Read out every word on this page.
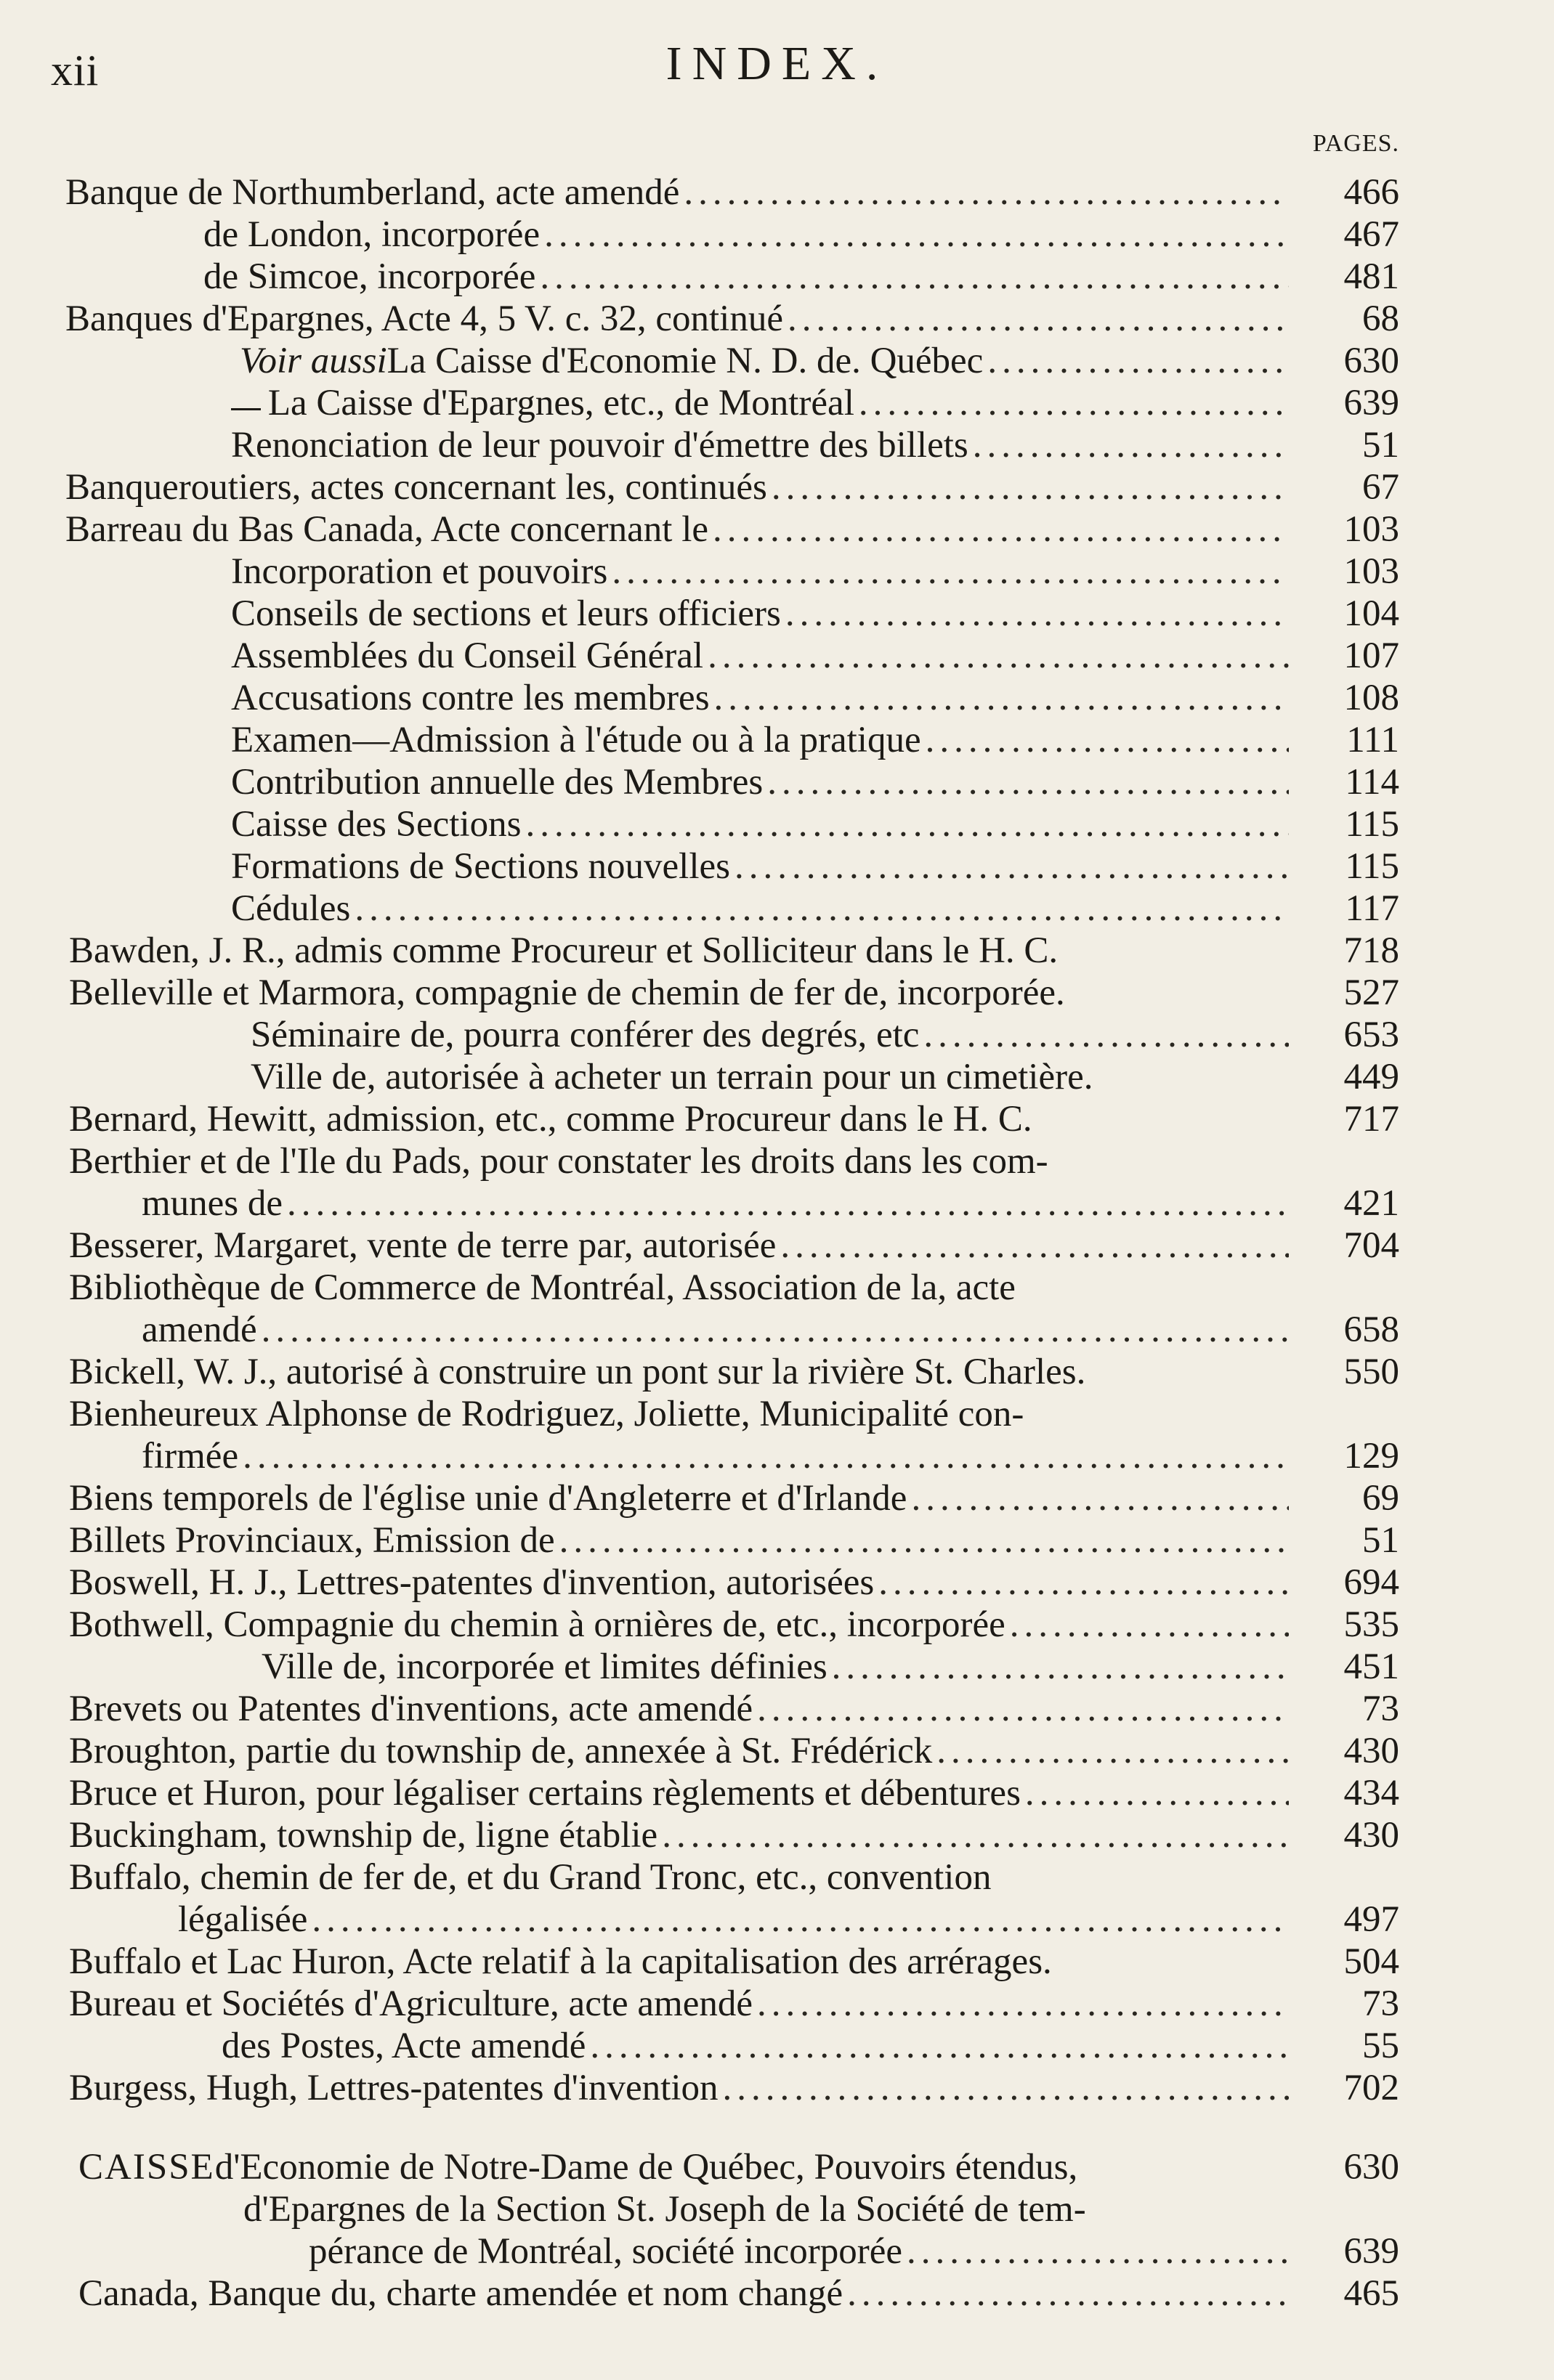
xii	INDEX.
PAGES.
Banque de Northumberland, acte amendé .....	466
de London, incorporée .....	467
de Simcoe, incorporée .....	481
Banques d'Epargnes, Acte 4, 5 V. c. 32, continué .....	68
Voir aussi La Caisse d'Economie N. D. de. Québec .....	630
La Caisse d'Epargnes, etc., de Montréal .....	639
Renonciation de leur pouvoir d'émettre des billets .....	51
Banqueroutiers, actes concernant les, continués .....	67
Barreau du Bas Canada, Acte concernant le .....	103
Incorporation et pouvoirs .....	103
Conseils de sections et leurs officiers .....	104
Assemblées du Conseil Général .....	107
Accusations contre les membres .....	108
Examen—Admission à l'étude ou à la pratique .....	111
Contribution annuelle des Membres .....	114
Caisse des Sections .....	115
Formations de Sections nouvelles .....	115
Cédules .....	117
Bawden, J. R., admis comme Procureur et Solliciteur dans le H. C.	718
Belleville et Marmora, compagnie de chemin de fer de, incorporée.	527
Séminaire de, pourra conférer des degrés, etc .....	653
Ville de, autorisée à acheter un terrain pour un cimetière.	449
Bernard, Hewitt, admission, etc., comme Procureur dans le H. C.	717
Berthier et de l'Ile du Pads, pour constater les droits dans les com-
munes de .....	421
Besserer, Margaret, vente de terre par, autorisée .....	704
Bibliothèque de Commerce de Montréal, Association de la, acte
amendé .....	658
Bickell, W. J., autorisé à construire un pont sur la rivière St. Charles.	550
Bienheureux Alphonse de Rodriguez, Joliette, Municipalité con-
firmée .....	129
Biens temporels de l'église unie d'Angleterre et d'Irlande .....	69
Billets Provinciaux, Emission de .....	51
Boswell, H. J., Lettres-patentes d'invention, autorisées .....	694
Bothwell, Compagnie du chemin à ornières de, etc., incorporée .....	535
Ville de, incorporée et limites définies .....	451
Brevets ou Patentes d'inventions, acte amendé .....	73
Broughton, partie du township de, annexée à St. Frédérick .....	430
Bruce et Huron, pour légaliser certains règlements et débentures .....	434
Buckingham, township de, ligne établie .....	430
Buffalo, chemin de fer de, et du Grand Tronc, etc., convention
légalisée .....	497
Buffalo et Lac Huron, Acte relatif à la capitalisation des arrérages.	504
Bureau et Sociétés d'Agriculture, acte amendé .....	73
des Postes, Acte amendé .....	55
Burgess, Hugh, Lettres-patentes d'invention .....	702
CAISSE d'Economie de Notre-Dame de Québec, Pouvoirs étendus,	630
d'Epargnes de la Section St. Joseph de la Société de tem-
pérance de Montréal, société incorporée .....	639
Canada, Banque du, charte amendée et nom changé .....	465
